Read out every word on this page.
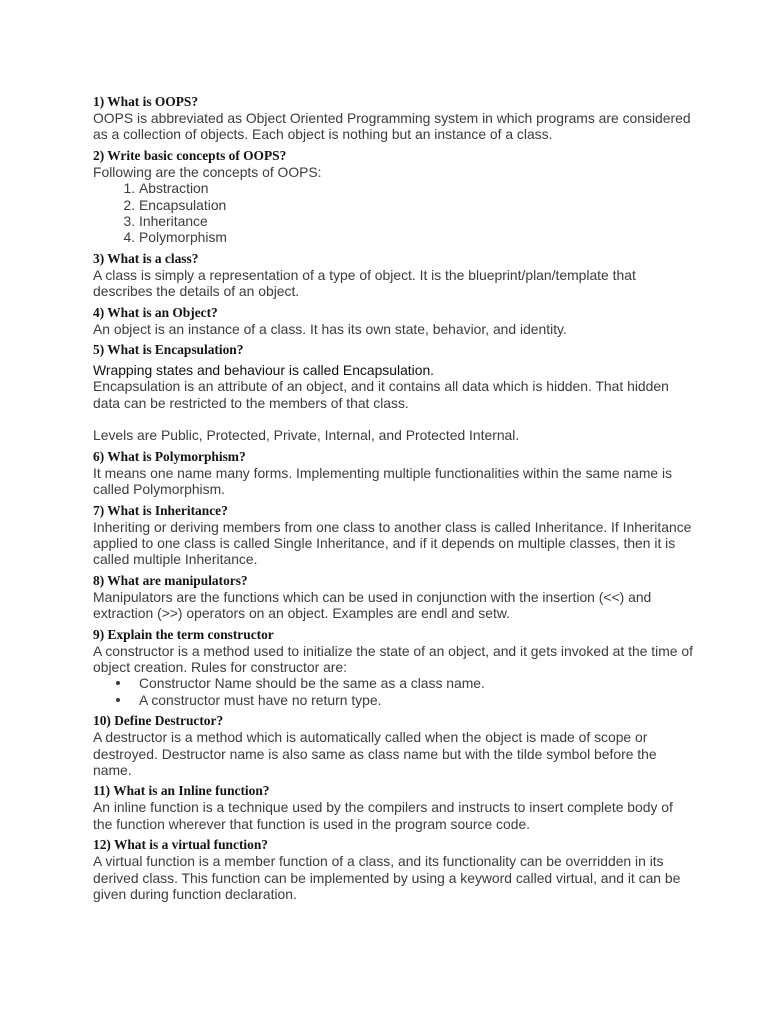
1) What is OOPS?

OOPS is abbreviated as Object Oriented Programming system in which programs are considered as a collection of objects. Each object is nothing but an instance of a class.

2) Write basic concepts of OOPS?

Following are the concepts of OOPS:

1. Abstraction
2. Encapsulation
3. Inheritance
4. Polymorphism

3) What is a class?

A class is simply a representation of a type of object. It is the blueprint/plan/template that describes the details of an object.

4) What is an Object?

An object is an instance of a class. It has its own state, behavior, and identity.

5) What is Encapsulation?

Wrapping states and behaviour is called Encapsulation.

Encapsulation is an attribute of an object, and it contains all data which is hidden. That hidden data can be restricted to the members of that class.

Levels are Public, Protected, Private, Internal, and Protected Internal.

6) What is Polymorphism?

It means one name many forms. Implementing multiple functionalities within the same name is called Polymorphism.

7) What is Inheritance?

Inheriting or deriving members from one class to another class is called Inheritance. If Inheritance applied to one class is called Single Inheritance, and if it depends on multiple classes, then it is called multiple Inheritance.

8) What are manipulators?

Manipulators are the functions which can be used in conjunction with the insertion (<<) and extraction (>>) operators on an object. Examples are endl and setw.

9) Explain the term constructor

A constructor is a method used to initialize the state of an object, and it gets invoked at the time of object creation. Rules for constructor are:

Constructor Name should be the same as a class name.
A constructor must have no return type.

10) Define Destructor?

A destructor is a method which is automatically called when the object is made of scope or destroyed. Destructor name is also same as class name but with the tilde symbol before the name.

11) What is an Inline function?

An inline function is a technique used by the compilers and instructs to insert complete body of the function wherever that function is used in the program source code.

12) What is a virtual function?

A virtual function is a member function of a class, and its functionality can be overridden in its derived class. This function can be implemented by using a keyword called virtual, and it can be given during function declaration.
